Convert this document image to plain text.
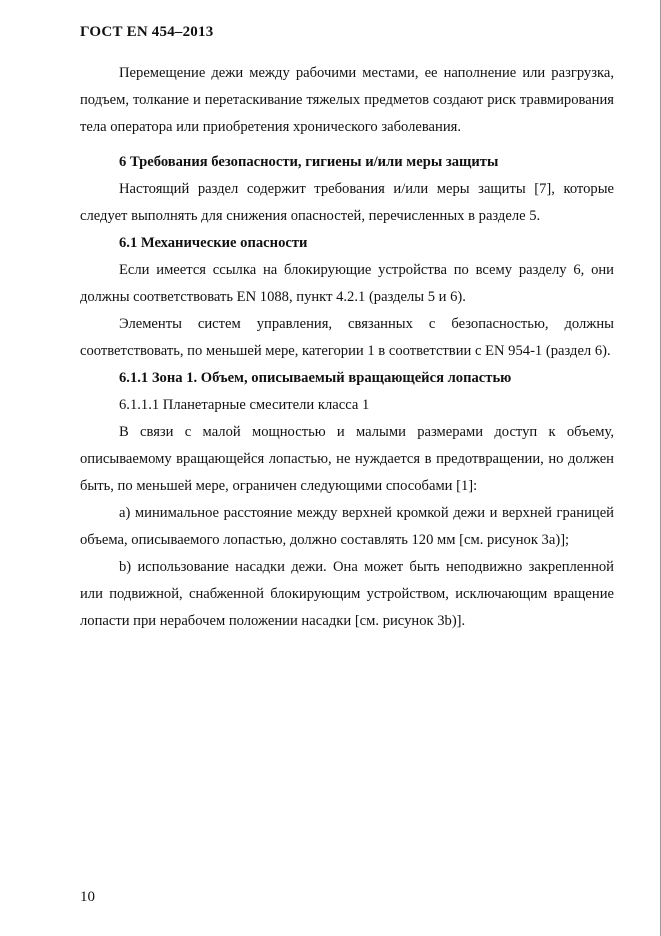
ГОСТ EN 454–2013

Перемещение дежи между рабочими местами, ее наполнение или разгрузка, подъем, толкание и перетаскивание тяжелых предметов создают риск травмирования тела оператора или приобретения хронического заболевания.

6 Требования безопасности, гигиены и/или меры защиты

Настоящий раздел содержит требования и/или меры защиты [7], которые следует выполнять для снижения опасностей, перечисленных в разделе 5.

6.1 Механические опасности

Если имеется ссылка на блокирующие устройства по всему разделу 6, они должны соответствовать EN 1088, пункт 4.2.1 (разделы 5 и 6).

Элементы систем управления, связанных с безопасностью, должны соответствовать, по меньшей мере, категории 1 в соответствии с EN 954-1 (раздел 6).

6.1.1 Зона 1. Объем, описываемый вращающейся лопастью

6.1.1.1 Планетарные смесители класса 1

В связи с малой мощностью и малыми размерами доступ к объему, описываемому вращающейся лопастью, не нуждается в предотвращении, но должен быть, по меньшей мере, ограничен следующими способами [1]:

a) минимальное расстояние между верхней кромкой дежи и верхней границей объема, описываемого лопастью, должно составлять 120 мм [см. рисунок 3a)];

b) использование насадки дежи. Она может быть неподвижно закрепленной или подвижной, снабженной блокирующим устройством, исключающим вращение лопасти при нерабочем положении насадки [см. рисунок 3b)].

10
